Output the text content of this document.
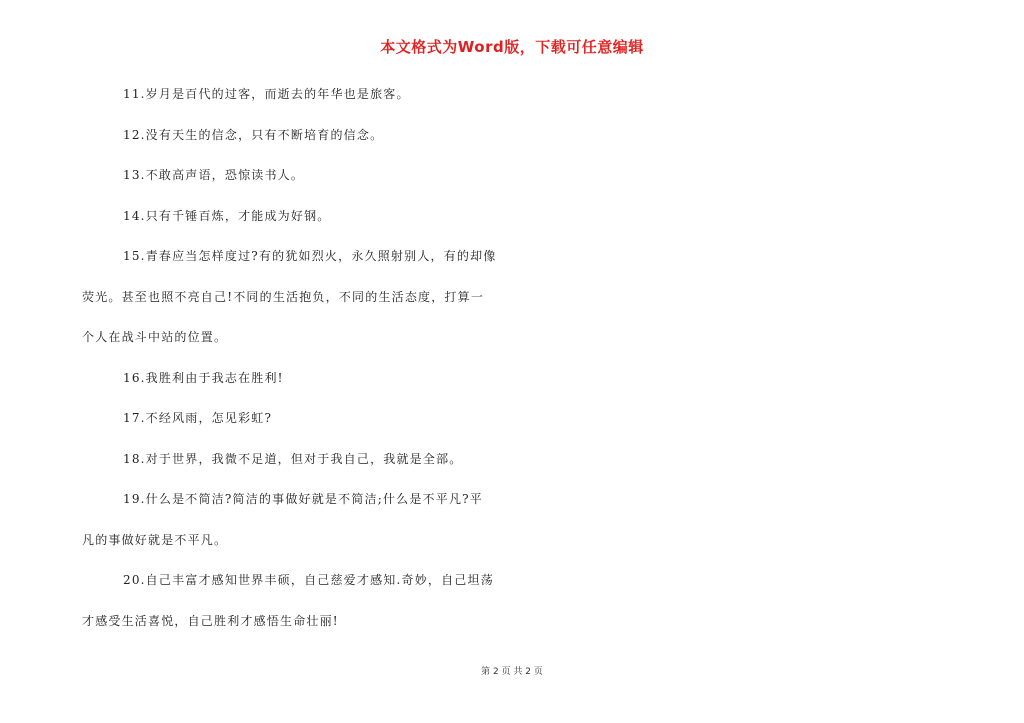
本文格式为Word版，下载可任意编辑
11.岁月是百代的过客，而逝去的年华也是旅客。
12.没有天生的信念，只有不断培育的信念。
13.不敢高声语，恐惊读书人。
14.只有千锤百炼，才能成为好钢。
15.青春应当怎样度过?有的犹如烈火，永久照射别人，有的却像
荧光。甚至也照不亮自己!不同的生活抱负，不同的生活态度，打算一
个人在战斗中站的位置。
16.我胜利由于我志在胜利!
17.不经风雨，怎见彩虹?
18.对于世界，我微不足道，但对于我自己，我就是全部。
19.什么是不简洁?简洁的事做好就是不简洁;什么是不平凡?平
凡的事做好就是不平凡。
20.自己丰富才感知世界丰硕，自己慈爱才感知.奇妙，自己坦荡
才感受生活喜悦，自己胜利才感悟生命壮丽!
第 2 页 共 2 页
